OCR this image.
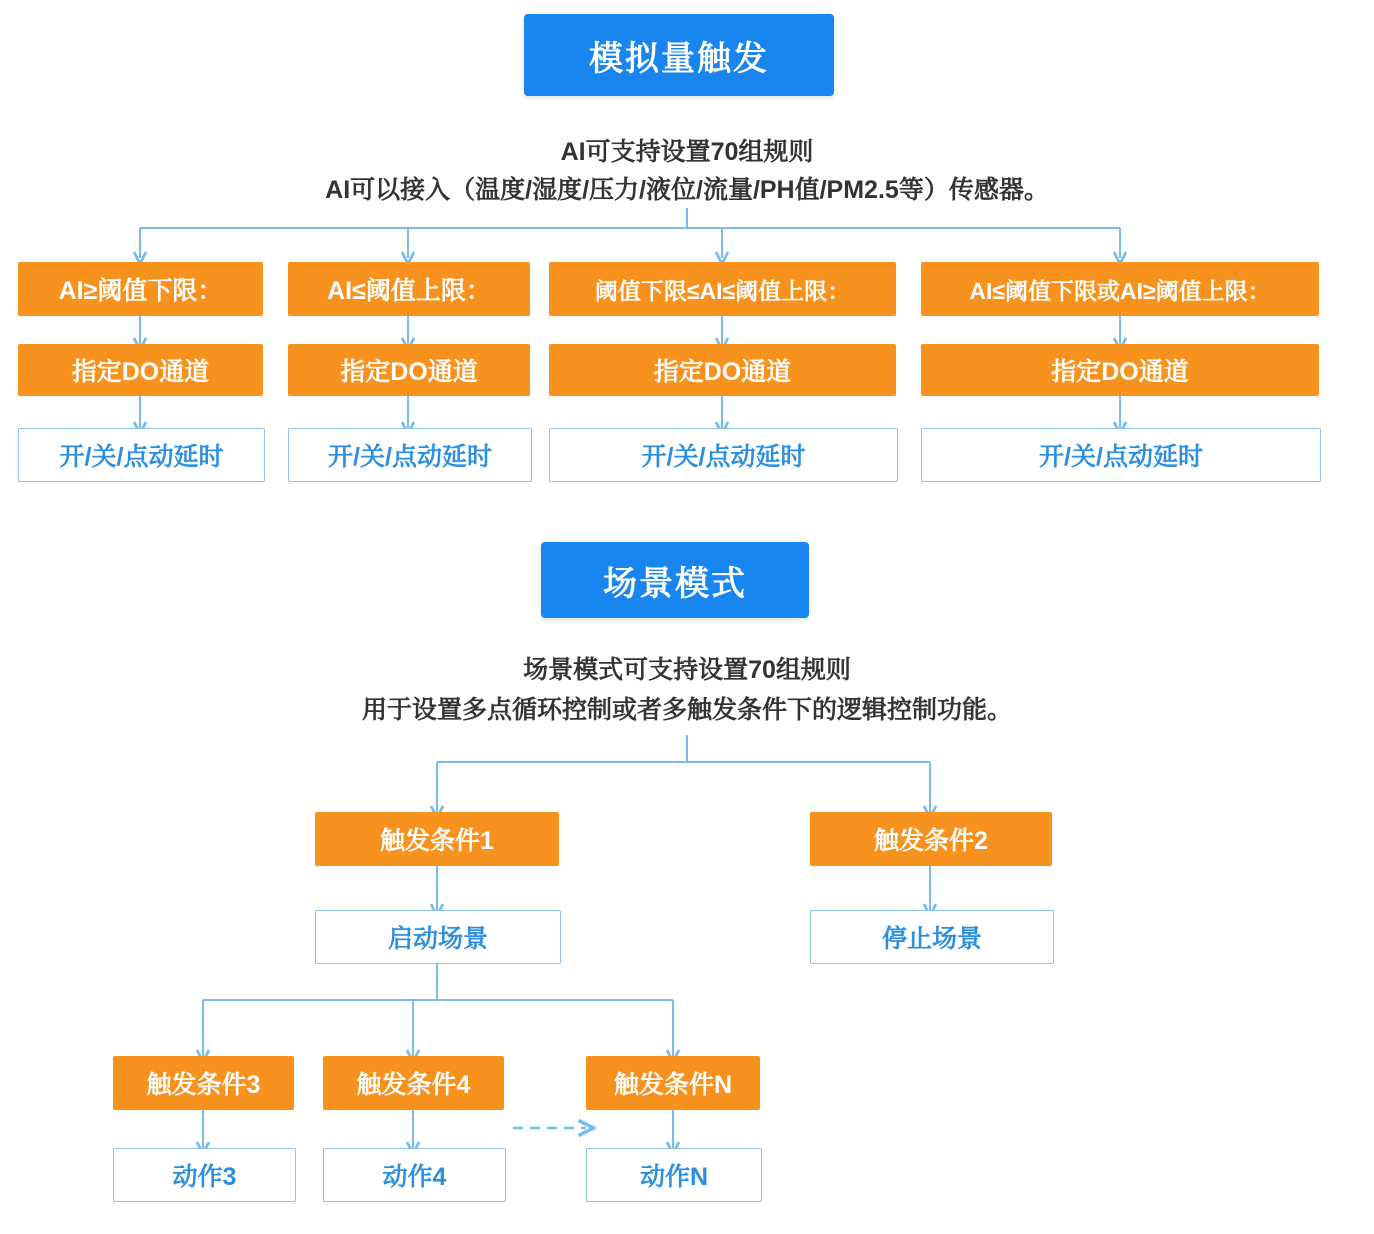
模拟量触发
AI可支持设置70组规则
AI可以接入（温度/湿度/压力/液位/流量/PH值/PM2.5等）传感器。
AI≥阈值下限：
指定DO通道
开/关/点动延时
AI≤阈值上限：
指定DO通道
开/关/点动延时
阈值下限≤AI≤阈值上限：
指定DO通道
开/关/点动延时
AI≤阈值下限或AI≥阈值上限：
指定DO通道
开/关/点动延时
场景模式
场景模式可支持设置70组规则
用于设置多点循环控制或者多触发条件下的逻辑控制功能。
触发条件1	触发条件2
启动场景	停止场景
触发条件3	触发条件4	触发条件N
动作3	动作4	动作N
